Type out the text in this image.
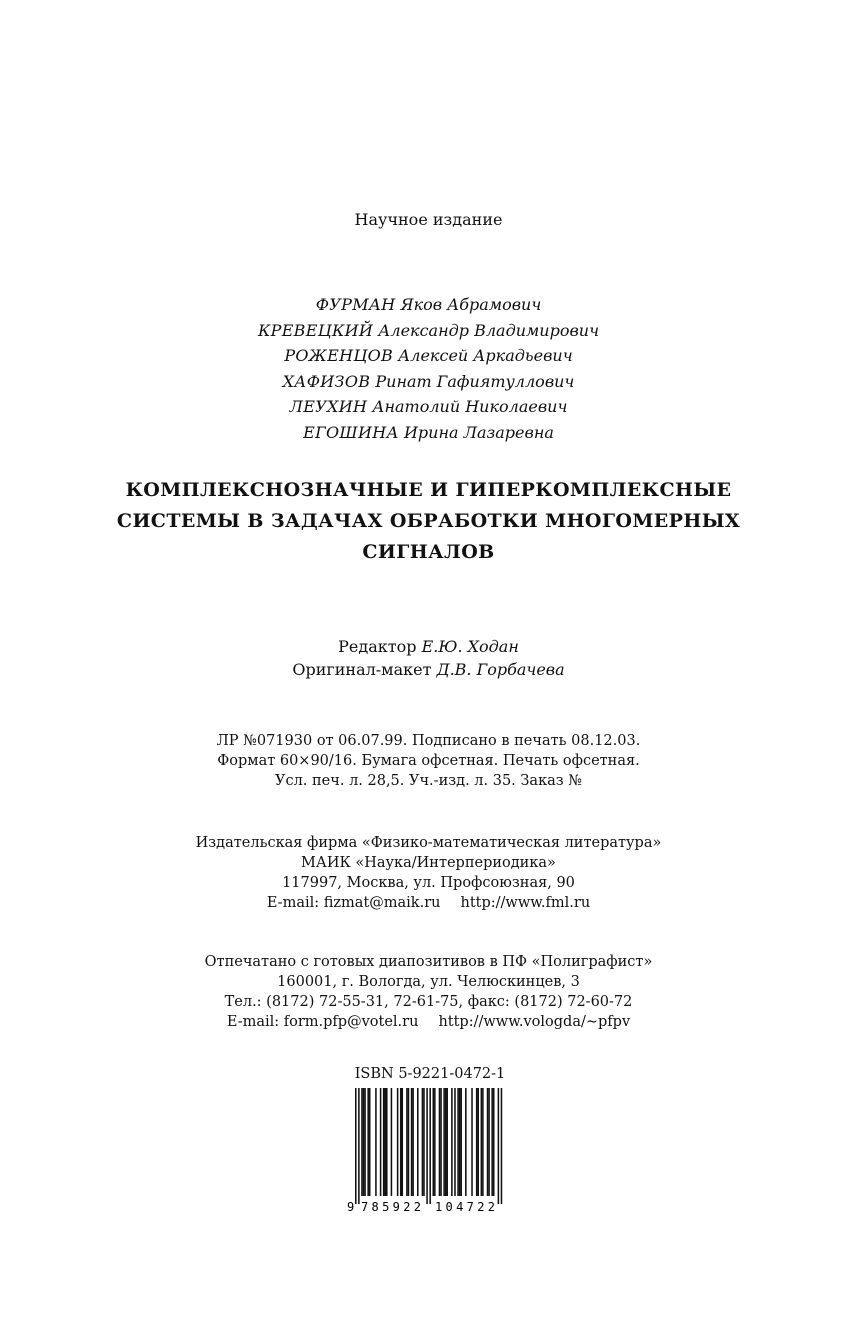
Научное издание
ФУРМАН Яков Абрамович
КРЕВЕЦКИЙ Александр Владимирович
РОЖЕНЦОВ Алексей Аркадьевич
ХАФИЗОВ Ринат Гафиятуллович
ЛЕУХИН Анатолий Николаевич
ЕГОШИНА Ирина Лазаревна
КОМПЛЕКСНОЗНАЧНЫЕ И ГИПЕРКОМПЛЕКСНЫЕ
СИСТЕМЫ В ЗАДАЧАХ ОБРАБОТКИ МНОГОМЕРНЫХ
СИГНАЛОВ
Редактор Е.Ю. Ходан
Оригинал-макет Д.В. Горбачева
ЛР №071930 от 06.07.99. Подписано в печать 08.12.03.
Формат 60×90/16. Бумага офсетная. Печать офсетная.
Усл. печ. л. 28,5. Уч.-изд. л. 35. Заказ №
Издательская фирма «Физико-математическая литература»
МАИК «Наука/Интерпериодика»
117997, Москва, ул. Профсоюзная, 90
E-mail: fizmat@maik.ru http://www.fml.ru
Отпечатано с готовых диапозитивов в ПФ «Полиграфист»
160001, г. Вологда, ул. Челюскинцев, 3
Тел.: (8172) 72-55-31, 72-61-75, факс: (8172) 72-60-72
E-mail: form.pfp@votel.ru http://www.vologda/∼pfpv
ISBN 5-9221-0472-1
9 785922 104722
